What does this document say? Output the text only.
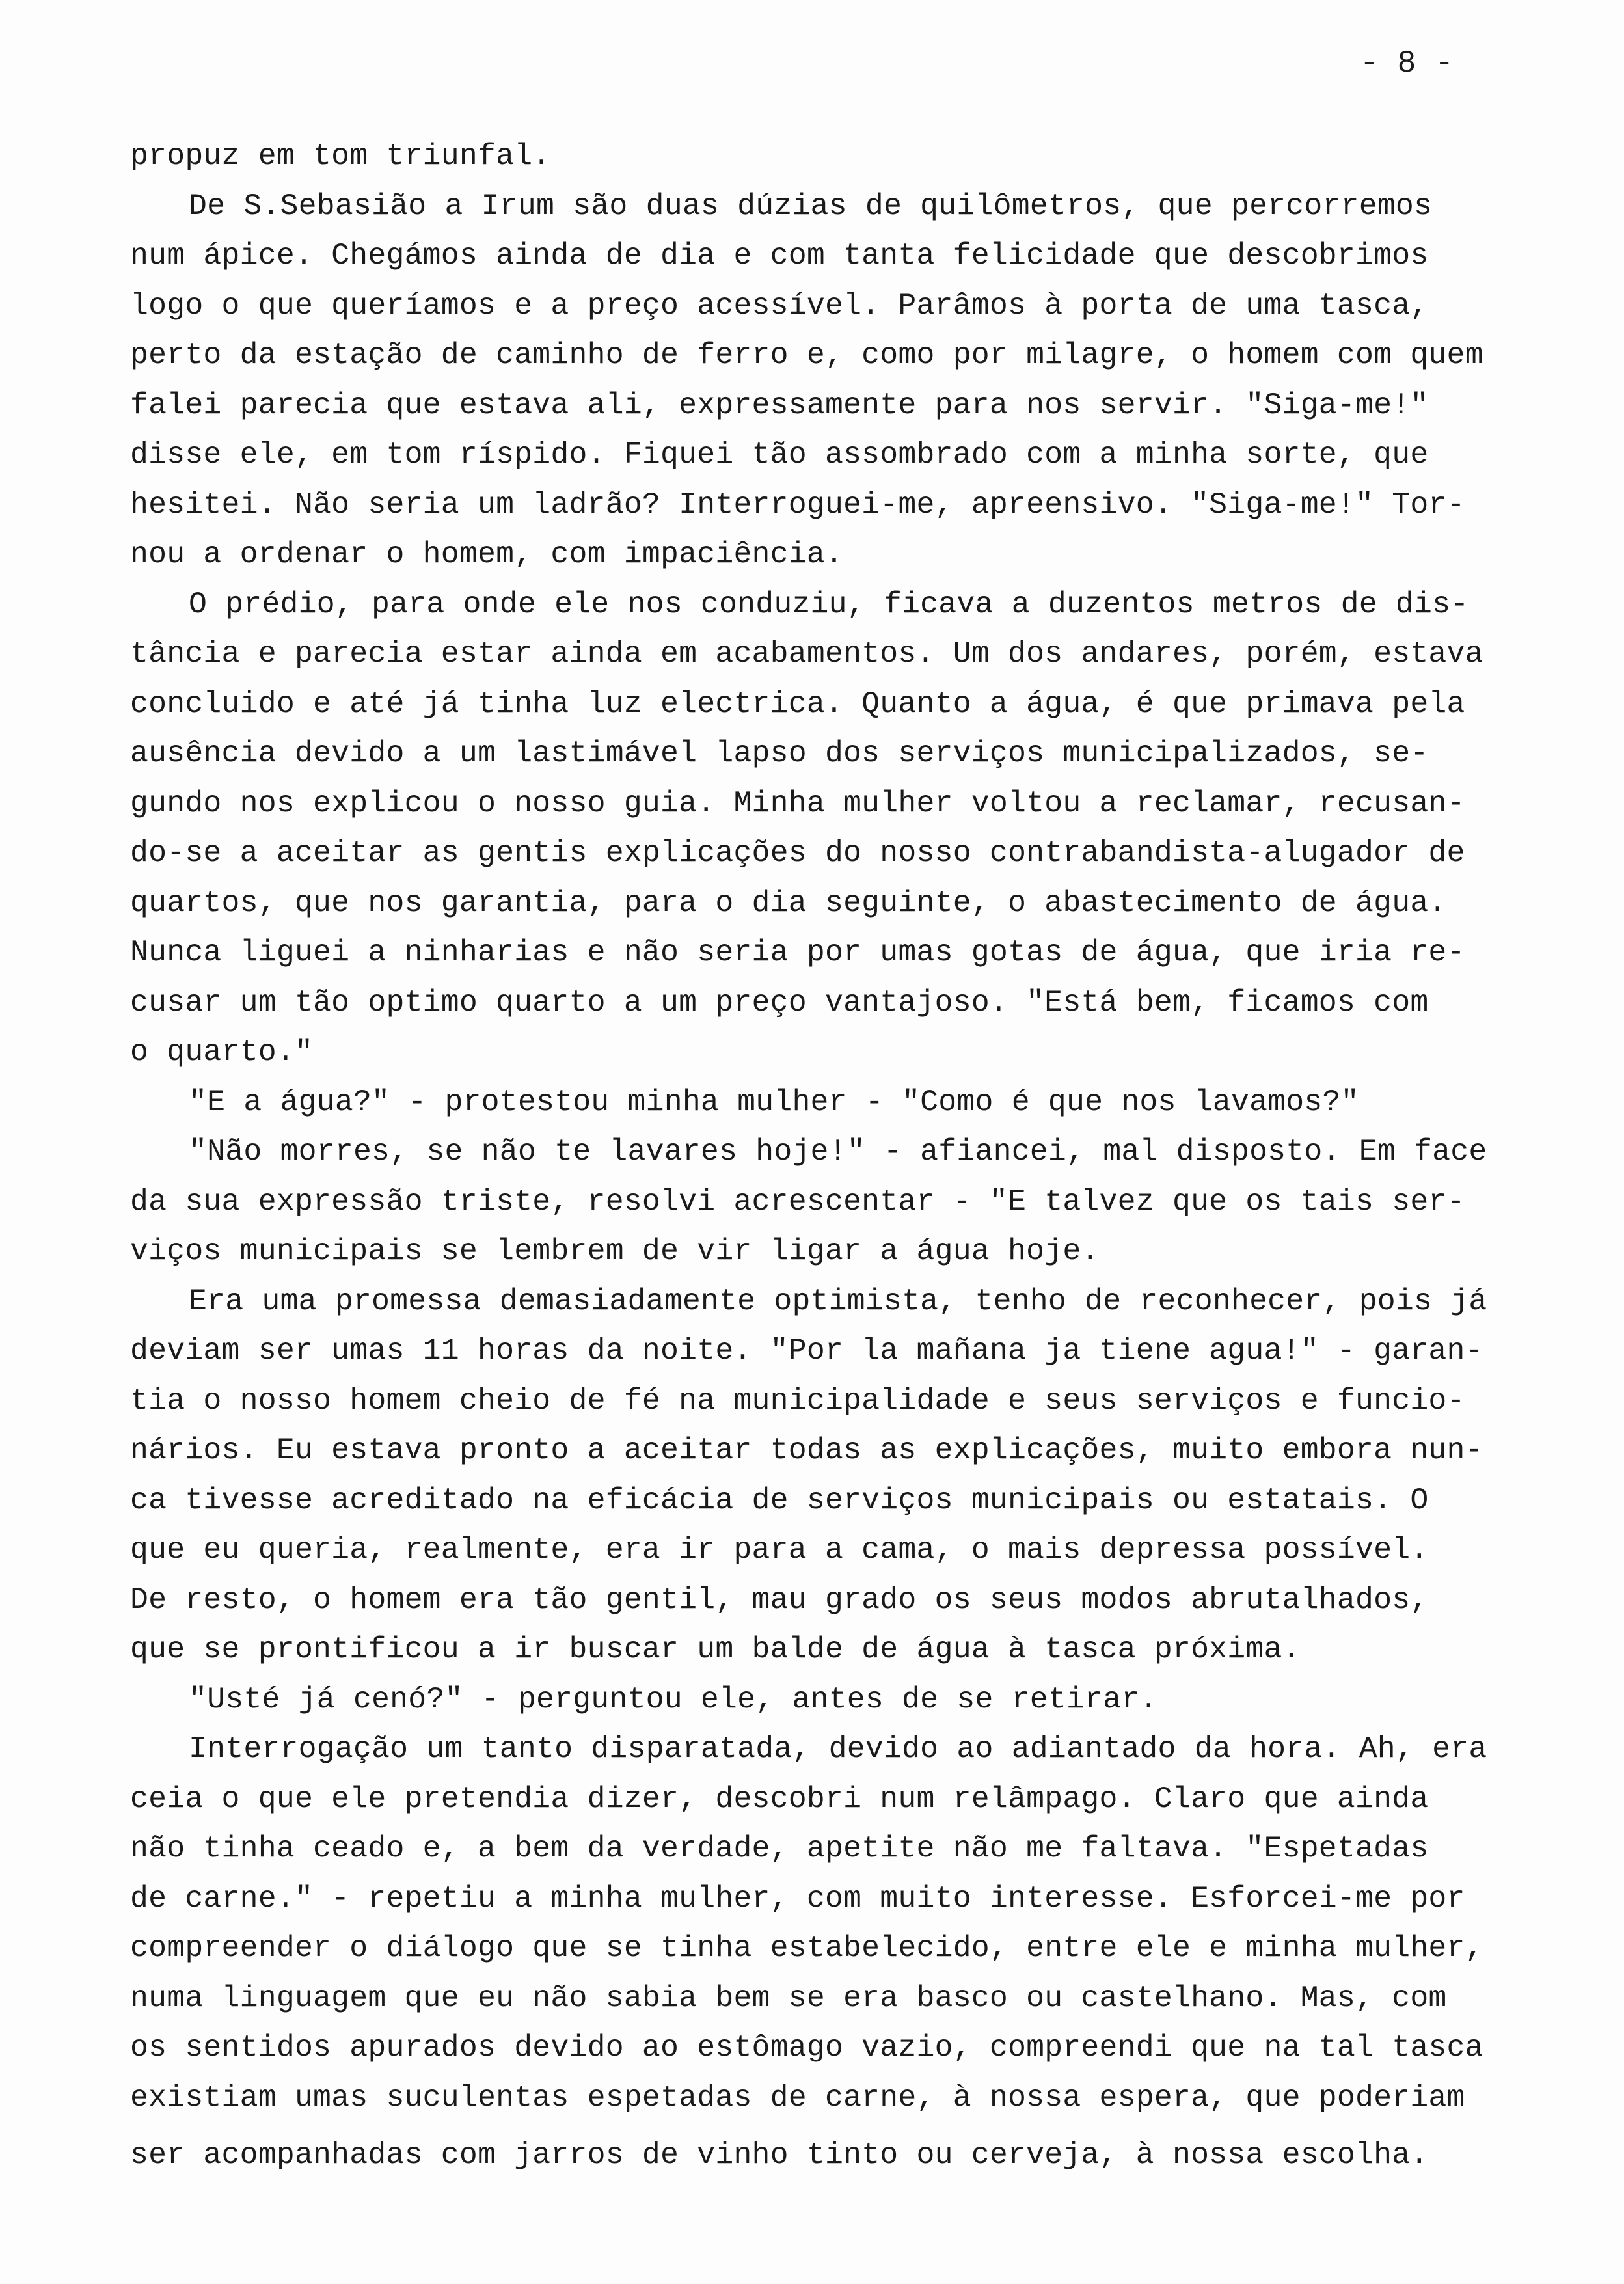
- 8 -
propuz em tom triunfal.
De S.Sebasião a Irum são duas dúzias de quilômetros, que percorremos
num ápice. Chegámos ainda de dia e com tanta felicidade que descobrimos
logo o que queríamos e a preço acessível. Parâmos à porta de uma tasca,
perto da estação de caminho de ferro e, como por milagre, o homem com quem
falei parecia que estava ali, expressamente para nos servir. "Siga-me!"
disse ele, em tom ríspido. Fiquei tão assombrado com a minha sorte, que
hesitei. Não seria um ladrão? Interroguei-me, apreensivo. "Siga-me!" Tor-
nou a ordenar o homem, com impaciência.
O prédio, para onde ele nos conduziu, ficava a duzentos metros de dis-
tância e parecia estar ainda em acabamentos. Um dos andares, porém, estava
concluido e até já tinha luz electrica. Quanto a água, é que primava pela
ausência devido a um lastimável lapso dos serviços municipalizados, se-
gundo nos explicou o nosso guia. Minha mulher voltou a reclamar, recusan-
do-se a aceitar as gentis explicações do nosso contrabandista-alugador de
quartos, que nos garantia, para o dia seguinte, o abastecimento de água.
Nunca liguei a ninharias e não seria por umas gotas de água, que iria re-
cusar um tão optimo quarto a um preço vantajoso. "Está bem, ficamos com
o quarto."
"E a água?" - protestou minha mulher - "Como é que nos lavamos?"
"Não morres, se não te lavares hoje!" - afiancei, mal disposto. Em face
da sua expressão triste, resolvi acrescentar - "E talvez que os tais ser-
viços municipais se lembrem de vir ligar a água hoje.
Era uma promessa demasiadamente optimista, tenho de reconhecer, pois já
deviam ser umas 11 horas da noite. "Por la mañana ja tiene agua!" - garan-
tia o nosso homem cheio de fé na municipalidade e seus serviços e funcio-
nários. Eu estava pronto a aceitar todas as explicações, muito embora nun-
ca tivesse acreditado na eficácia de serviços municipais ou estatais. O
que eu queria, realmente, era ir para a cama, o mais depressa possível.
De resto, o homem era tão gentil, mau grado os seus modos abrutalhados,
que se prontificou a ir buscar um balde de água à tasca próxima.
"Usté já cenó?" - perguntou ele, antes de se retirar.
Interrogação um tanto disparatada, devido ao adiantado da hora. Ah, era
ceia o que ele pretendia dizer, descobri num relâmpago. Claro que ainda
não tinha ceado e, a bem da verdade, apetite não me faltava. "Espetadas
de carne." - repetiu a minha mulher, com muito interesse. Esforcei-me por
compreender o diálogo que se tinha estabelecido, entre ele e minha mulher,
numa linguagem que eu não sabia bem se era basco ou castelhano. Mas, com
os sentidos apurados devido ao estômago vazio, compreendi que na tal tasca
existiam umas suculentas espetadas de carne, à nossa espera, que poderiam
ser acompanhadas com jarros de vinho tinto ou cerveja, à nossa escolha.
